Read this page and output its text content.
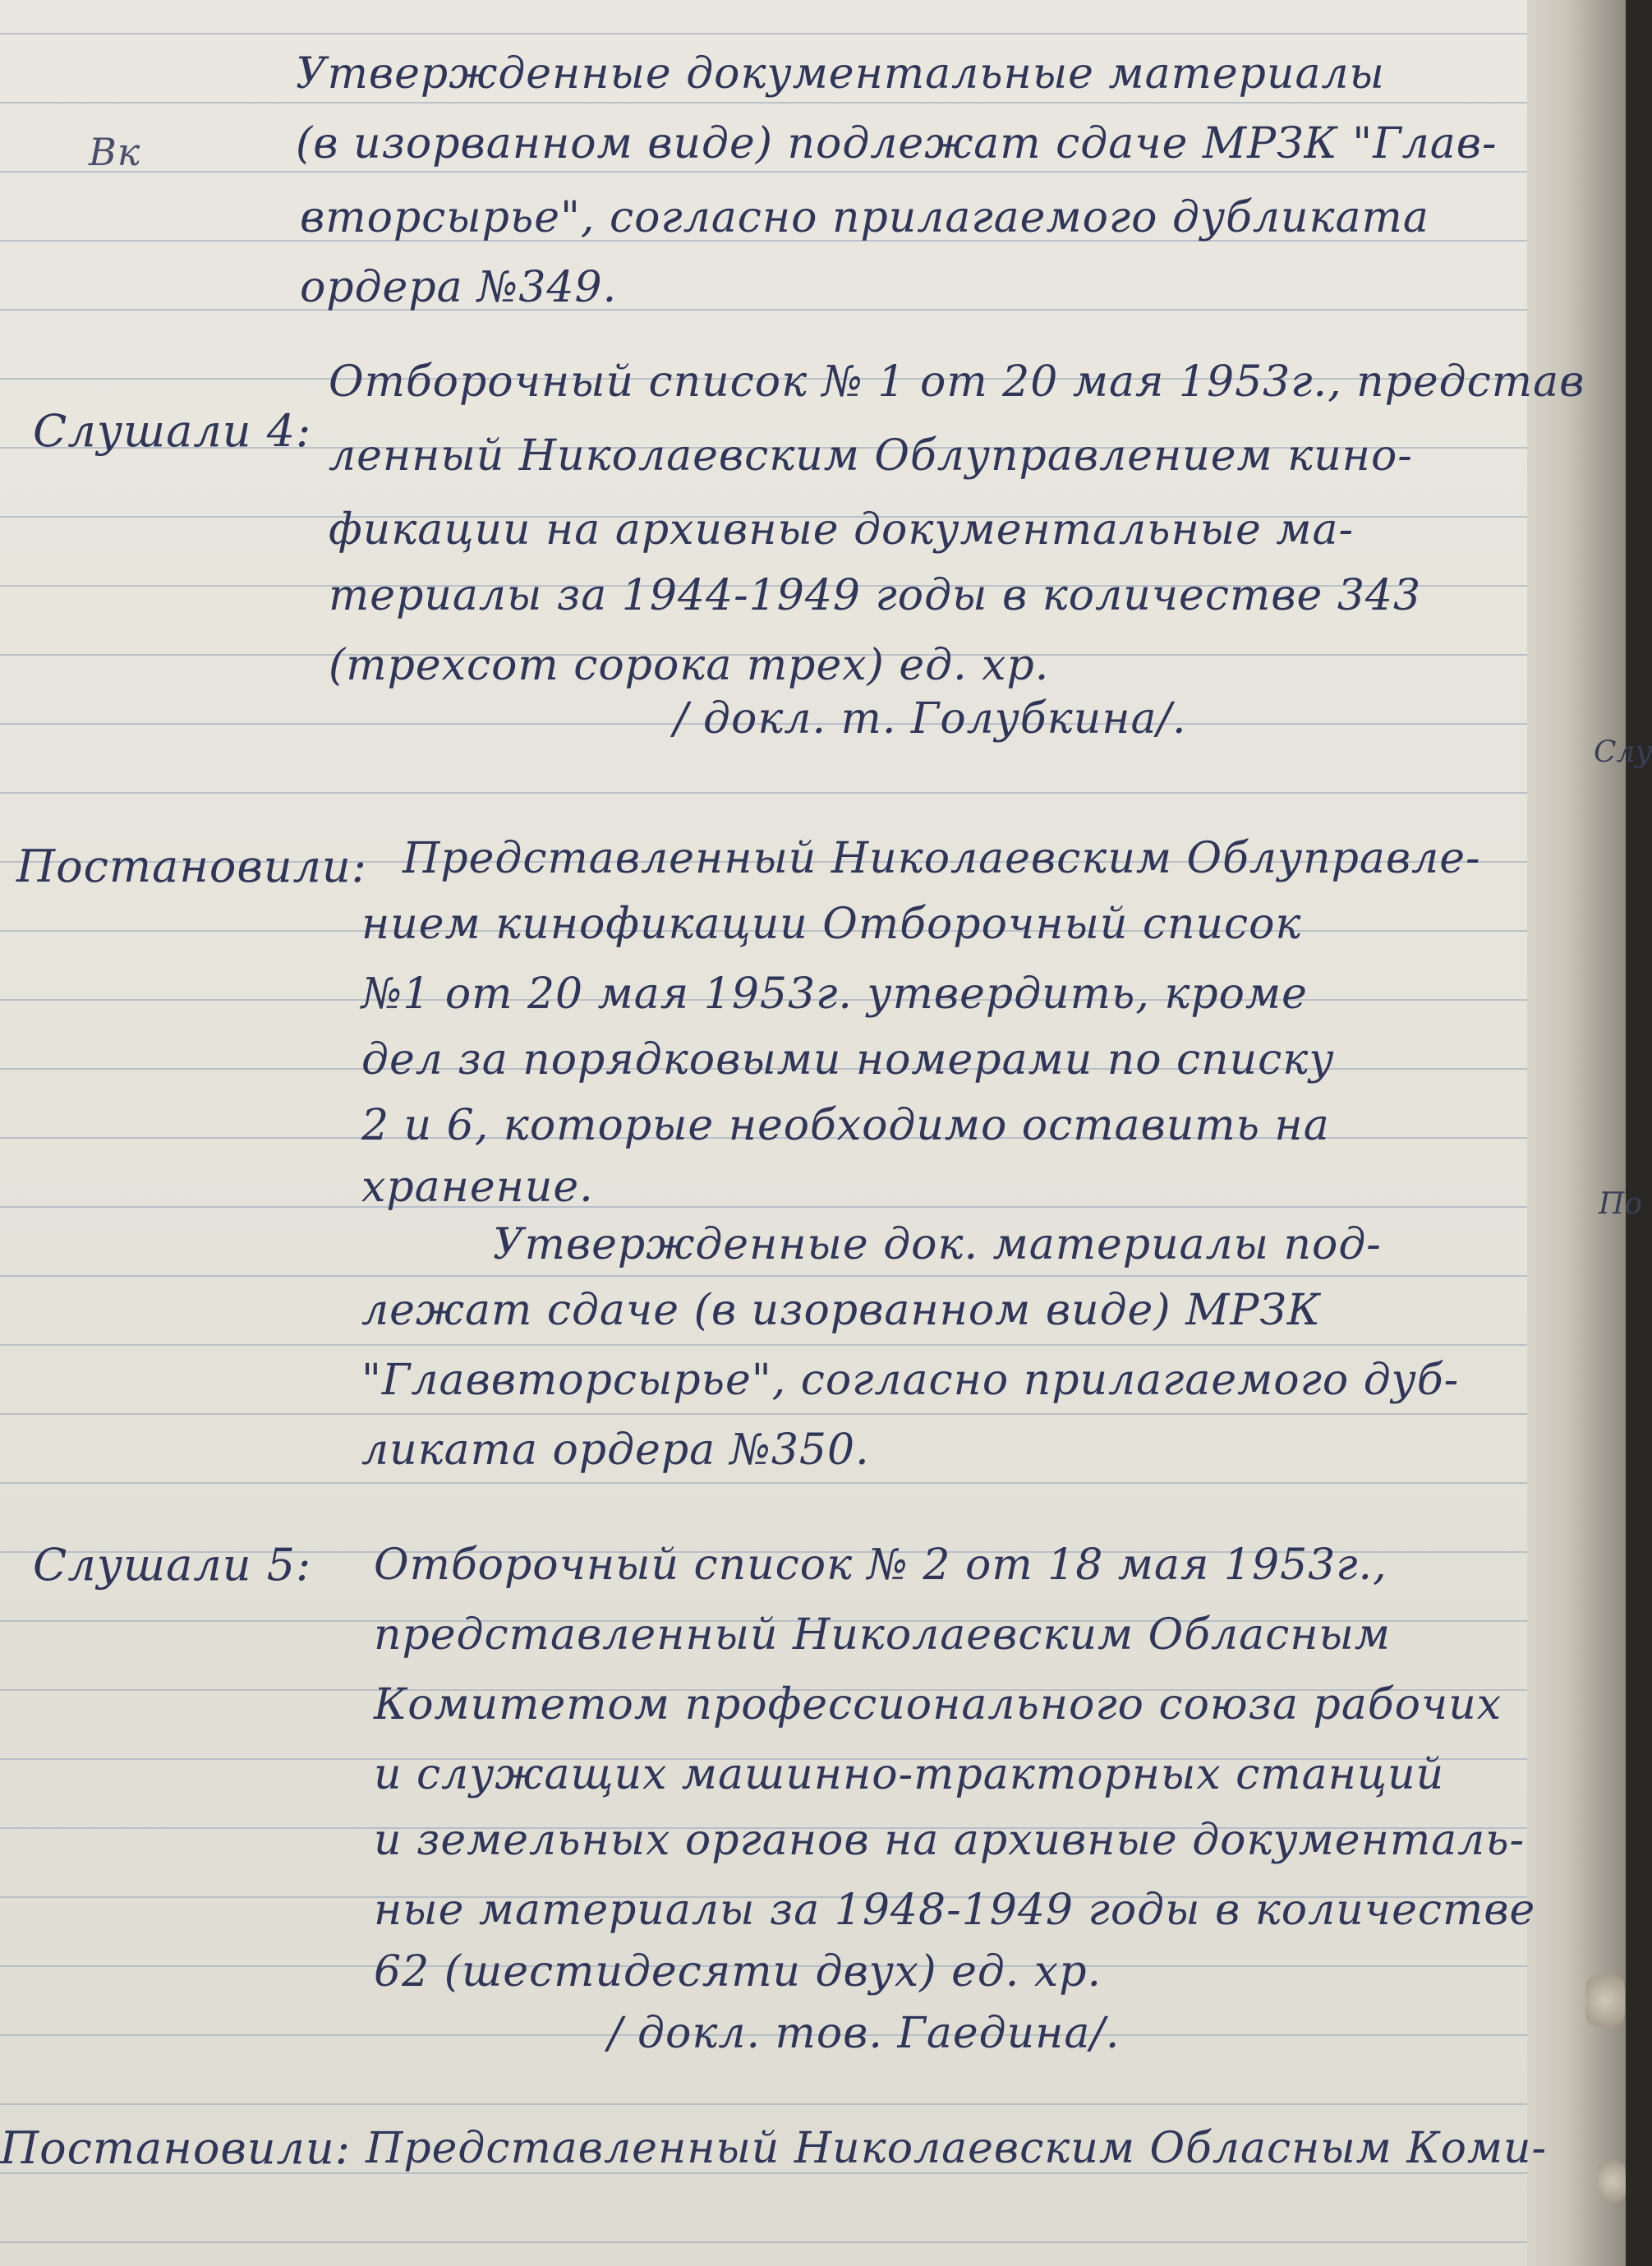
Слу
По
Вк
Утвержденные документальные материалы
(в изорванном виде) подлежат сдаче МРЗК "Глав-
вторсырье", согласно прилагаемого дубликата
ордера №349.
Слушали 4:
Отборочный список № 1 от 20 мая 1953г., представ
ленный Николаевским Облуправлением кино-
фикации на архивные документальные ма-
териалы за 1944-1949 годы в количестве 343
(трехсот сорока трех) ед. хр.
/ докл. т. Голубкина/.
Постановили: Представленный Николаевским Облуправле-
нием кинофикации Отборочный список
№1 от 20 мая 1953г. утвердить, кроме
дел за порядковыми номерами по списку
2 и 6, которые необходимо оставить на
хранение.
Утвержденные док. материалы под-
лежат сдаче (в изорванном виде) МРЗК
"Главвторсырье", согласно прилагаемого дуб-
ликата ордера №350.
Слушали 5: Отборочный список № 2 от 18 мая 1953г.,
представленный Николаевским Обласным
Комитетом профессионального союза рабочих
и служащих машинно-тракторных станций
и земельных органов на архивные документаль-
ные материалы за 1948-1949 годы в количестве
62 (шестидесяти двух) ед. хр.
/ докл. тов. Гаедина/.
Постановили: Представленный Николаевским Обласным Коми-
